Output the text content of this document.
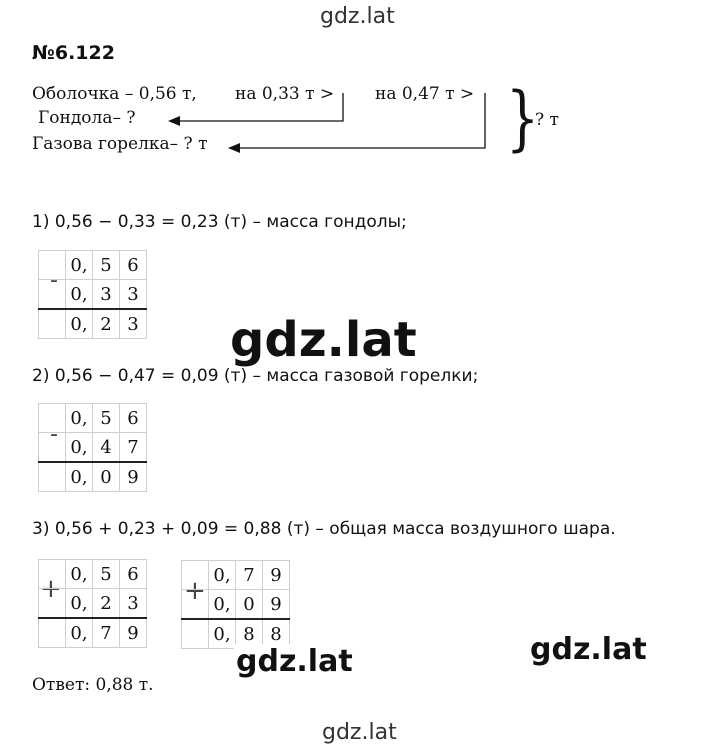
gdz.lat
№6.122
Оболочка – 0,56 т, на 0,33 т > на 0,47 т >
Гондола– ?
Газова горелка– ? т	}
? т
1) 0,56 − 0,33 = 0,23 (т) – масса гондолы;
-
	0,	5	6
	0,	3	3
	0,	2	3 gdz.lat
2) 0,56 − 0,47 = 0,09 (т) – масса газовой горелки;
-
	0,	5	6
	0,	4	7
	0,	0	9
3) 0,56 + 0,23 + 0,09 = 0,88 (т) – общая масса воздушного шара.
+
	0,	5	6
	0,	2	3
	0,	7	9
+
	0,	7	9
	0,	0	9
	0,	8	8
gdz.lat	gdz.lat
Ответ: 0,88 т.
gdz.lat
